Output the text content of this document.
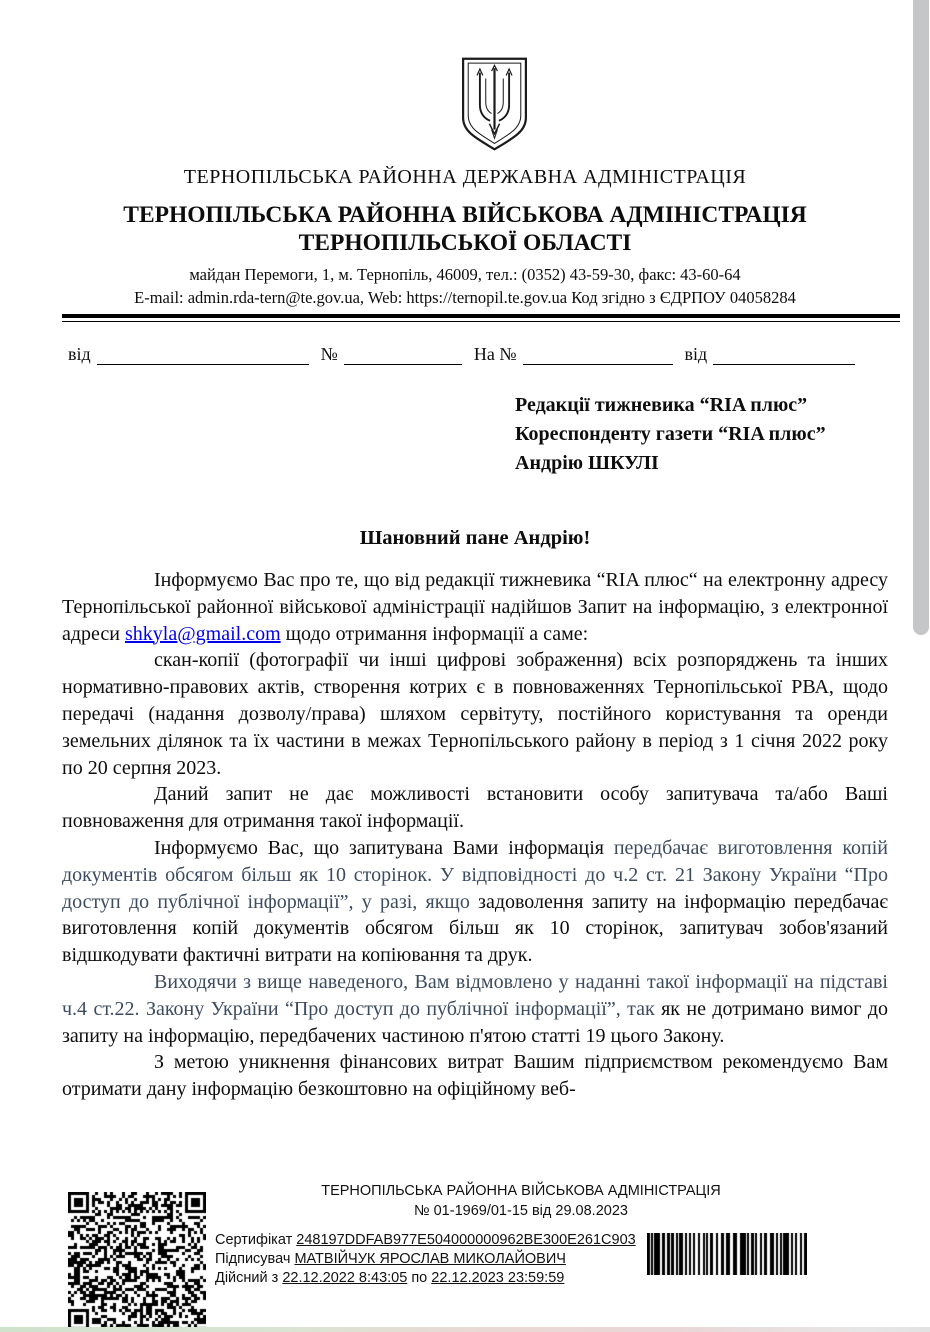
ТЕРНОПІЛЬСЬКА РАЙОННА ДЕРЖАВНА АДМІНІСТРАЦІЯ
ТЕРНОПІЛЬСЬКА РАЙОННА ВІЙСЬКОВА АДМІНІСТРАЦІЯ
ТЕРНОПІЛЬСЬКОЇ ОБЛАСТІ
майдан Перемоги, 1, м. Тернопіль, 46009, тел.: (0352) 43-59-30, факс: 43-60-64
E-mail: admin.rda-tern@te.gov.ua, Web: https://ternopil.te.gov.ua Код згідно з ЄДРПОУ 04058284
від	№	На №	від
Редакції тижневика “RIA плюс”
Кореспонденту газети “RIA плюс”
Андрію ШКУЛІ
Шановний пане Андрію!

Інформуємо Вас про те, що від редакції тижневика “RIA плюс“ на електронну адресу Тернопільської районної військової адміністрації надійшов Запит на інформацію, з електронної адреси shkyla@gmail.com щодо отримання інформації а саме:

скан-копії (фотографії чи інші цифрові зображення) всіх розпоряджень та інших нормативно-правових актів, створення котрих є в повноваженнях Тернопільської РВА, щодо передачі (надання дозволу/права) шляхом сервітуту, постійного користування та оренди земельних ділянок та їх частини в межах Тернопільського району в період з 1 січня 2022 року по 20 серпня 2023.

Даний запит не дає можливості встановити особу запитувача та/або Ваші повноваження для отримання такої інформації.

Інформуємо Вас, що запитувана Вами інформація передбачає виготовлення копій документів обсягом більш як 10 сторінок. У відповідності до ч.2 ст. 21 Закону України “Про доступ до публічної інформації”, у разі, якщо задоволення запиту на інформацію передбачає виготовлення копій документів обсягом більш як 10 сторінок, запитувач зобов'язаний відшкодувати фактичні витрати на копіювання та друк.

Виходячи з вище наведеного, Вам відмовлено у наданні такої інформації на підставі ч.4 ст.22. Закону України “Про доступ до публічної інформації”, так як не дотримано вимог до запиту на інформацію, передбачених частиною п'ятою статті 19 цього Закону.

З метою уникнення фінансових витрат Вашим підприємством рекомендуємо Вам отримати дану інформацію безкоштовно на офіційному веб-

ТЕРНОПІЛЬСЬКА РАЙОННА ВІЙСЬКОВА АДМІНІСТРАЦІЯ
№ 01-1969/01-15 від 29.08.2023
Сертифікат 248197DDFAB977E504000000962BE300E261C903
Підписувач МАТВІЙЧУК ЯРОСЛАВ МИКОЛАЙОВИЧ
Дійсний з 22.12.2022 8:43:05 по 22.12.2023 23:59:59
